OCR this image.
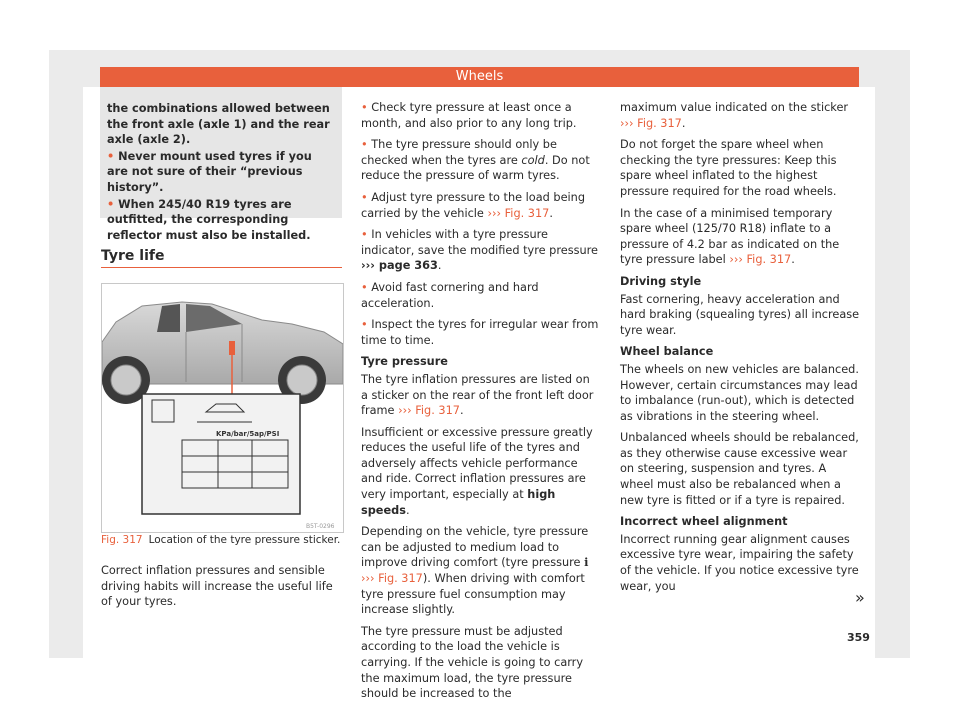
Wheels

the combinations allowed between the front axle (axle 1) and the rear axle (axle 2).

• Never mount used tyres if you are not sure of their “previous history”.

• When 245/40 R19 tyres are outfitted, the corresponding reflector must also be installed.

Tyre life
KPa/bar/5ap/PSI
B5T-0296
Fig. 317 Location of the tyre pressure sticker.

Correct inflation pressures and sensible driving habits will increase the useful life of your tyres.

• Check tyre pressure at least once a month, and also prior to any long trip.

• The tyre pressure should only be checked when the tyres are cold. Do not reduce the pressure of warm tyres.

• Adjust tyre pressure to the load being carried by the vehicle ››› Fig. 317.

• In vehicles with a tyre pressure indicator, save the modified tyre pressure ››› page 363.

• Avoid fast cornering and hard acceleration.

• Inspect the tyres for irregular wear from time to time.

Tyre pressure

The tyre inflation pressures are listed on a sticker on the rear of the front left door frame ››› Fig. 317.

Insufficient or excessive pressure greatly reduces the useful life of the tyres and adversely affects vehicle performance and ride. Correct inflation pressures are very important, especially at high speeds.

Depending on the vehicle, tyre pressure can be adjusted to medium load to improve driving comfort (tyre pressure ℹ ››› Fig. 317). When driving with comfort tyre pressure fuel consumption may increase slightly.

The tyre pressure must be adjusted according to the load the vehicle is carrying. If the vehicle is going to carry the maximum load, the tyre pressure should be increased to the

maximum value indicated on the sticker ››› Fig. 317.

Do not forget the spare wheel when checking the tyre pressures: Keep this spare wheel inflated to the highest pressure required for the road wheels.

In the case of a minimised temporary spare wheel (125/70 R18) inflate to a pressure of 4.2 bar as indicated on the tyre pressure label ››› Fig. 317.

Driving style

Fast cornering, heavy acceleration and hard braking (squealing tyres) all increase tyre wear.

Wheel balance

The wheels on new vehicles are balanced. However, certain circumstances may lead to imbalance (run-out), which is detected as vibrations in the steering wheel.

Unbalanced wheels should be rebalanced, as they otherwise cause excessive wear on steering, suspension and tyres. A wheel must also be rebalanced when a new tyre is fitted or if a tyre is repaired.

Incorrect wheel alignment

Incorrect running gear alignment causes excessive tyre wear, impairing the safety of the vehicle. If you notice excessive tyre wear, you

»
359
